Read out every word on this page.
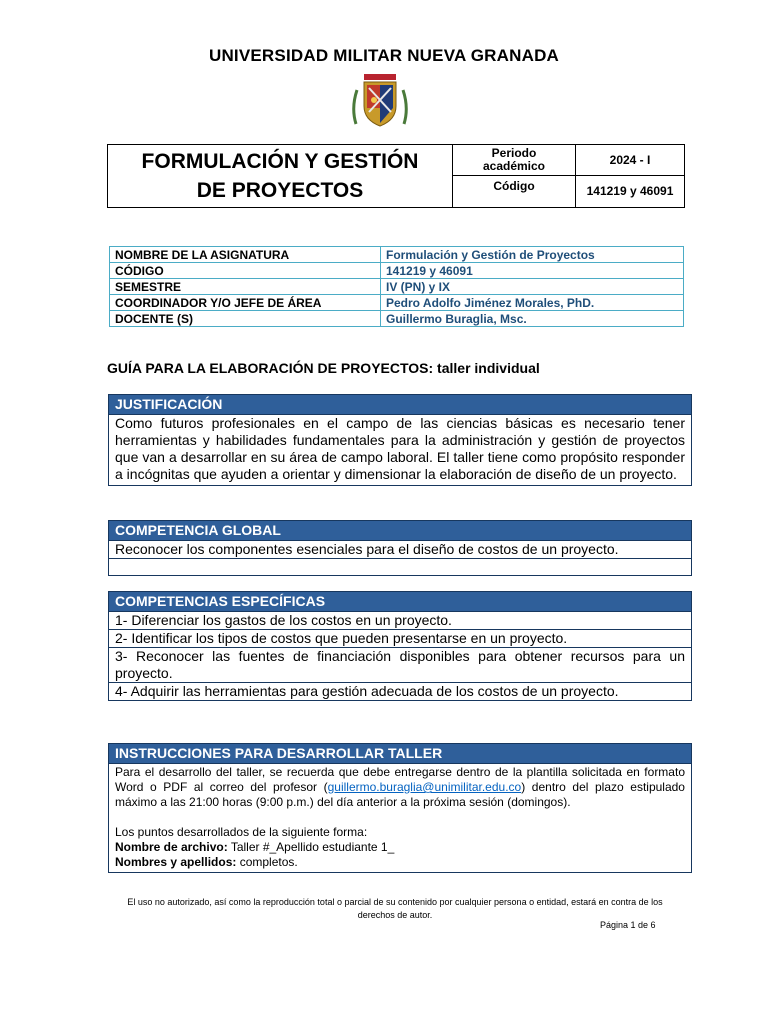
UNIVERSIDAD MILITAR NUEVA GRANADA
FORMULACIÓN Y GESTIÓN
DE PROYECTOS
Periodo
académico	2024 - I
Código	141219 y 46091
NOMBRE DE LA ASIGNATURA	Formulación y Gestión de Proyectos
CÓDIGO	141219 y 46091
SEMESTRE	IV (PN) y IX
COORDINADOR Y/O JEFE DE ÁREA	Pedro Adolfo Jiménez Morales, PhD.
DOCENTE (S)	Guillermo Buraglia, Msc.
GUÍA PARA LA ELABORACIÓN DE PROYECTOS: taller individual
JUSTIFICACIÓN
Como futuros profesionales en el campo de las ciencias básicas es necesario tener herramientas y habilidades fundamentales para la administración y gestión de proyectos que van a desarrollar en su área de campo laboral. El taller tiene como propósito responder a incógnitas que ayuden a orientar y dimensionar la elaboración de diseño de un proyecto.
COMPETENCIA GLOBAL
Reconocer los componentes esenciales para el diseño de costos de un proyecto.
COMPETENCIAS ESPECÍFICAS
1- Diferenciar los gastos de los costos en un proyecto.
2- Identificar los tipos de costos que pueden presentarse en un proyecto.
3- Reconocer las fuentes de financiación disponibles para obtener recursos para un proyecto.
4- Adquirir las herramientas para gestión adecuada de los costos de un proyecto.
INSTRUCCIONES PARA DESARROLLAR TALLER

Para el desarrollo del taller, se recuerda que debe entregarse dentro de la plantilla solicitada en formato Word o PDF al correo del profesor (guillermo.buraglia@unimilitar.edu.co) dentro del plazo estipulado máximo a las 21:00 horas (9:00 p.m.) del día anterior a la próxima sesión (domingos).

Los puntos desarrollados de la siguiente forma:

Nombre de archivo: Taller #_Apellido estudiante 1_

Nombres y apellidos: completos.

El uso no autorizado, así como la reproducción total o parcial de su contenido por cualquier persona o entidad, estará en contra de los derechos de autor.
Página 1 de 6
